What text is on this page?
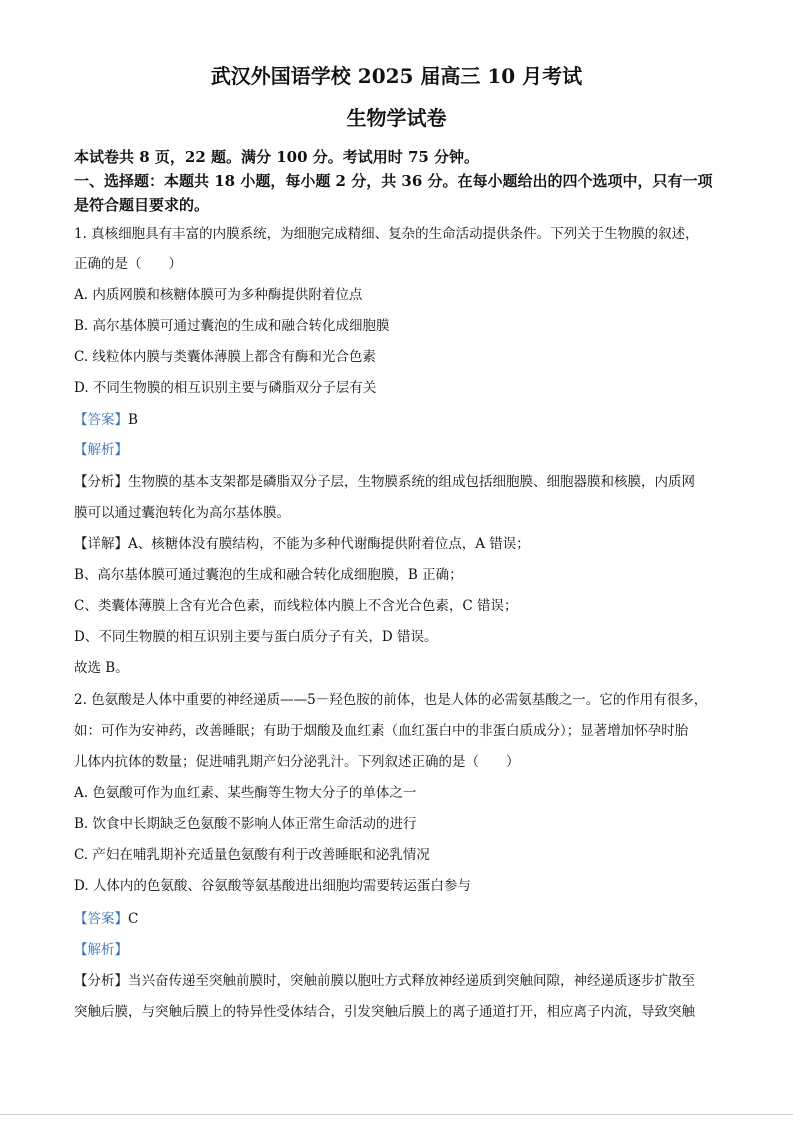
武汉外国语学校 2025 届高三 10 月考试
生物学试卷
本试卷共 8 页，22 题。满分 100 分。考试用时 75 分钟。
一、选择题：本题共 18 小题，每小题 2 分，共 36 分。在每小题给出的四个选项中，只有一项
是符合题目要求的。
1. 真核细胞具有丰富的内膜系统，为细胞完成精细、复杂的生命活动提供条件。下列关于生物膜的叙述，
正确的是（　　）
A. 内质网膜和核糖体膜可为多种酶提供附着位点
B. 高尔基体膜可通过囊泡的生成和融合转化成细胞膜
C. 线粒体内膜与类囊体薄膜上都含有酶和光合色素
D. 不同生物膜的相互识别主要与磷脂双分子层有关
【答案】B
【解析】
【分析】生物膜的基本支架都是磷脂双分子层，生物膜系统的组成包括细胞膜、细胞器膜和核膜，内质网
膜可以通过囊泡转化为高尔基体膜。
【详解】A、核糖体没有膜结构，不能为多种代谢酶提供附着位点，A 错误；
B、高尔基体膜可通过囊泡的生成和融合转化成细胞膜，B 正确；
C、类囊体薄膜上含有光合色素，而线粒体内膜上不含光合色素，C 错误；
D、不同生物膜的相互识别主要与蛋白质分子有关，D 错误。
故选 B。
2. 色氨酸是人体中重要的神经递质——5－羟色胺的前体，也是人体的必需氨基酸之一。它的作用有很多，
如：可作为安神药，改善睡眠；有助于烟酸及血红素（血红蛋白中的非蛋白质成分）；显著增加怀孕时胎
儿体内抗体的数量；促进哺乳期产妇分泌乳汁。下列叙述正确的是（　　）
A. 色氨酸可作为血红素、某些酶等生物大分子的单体之一
B. 饮食中长期缺乏色氨酸不影响人体正常生命活动的进行
C. 产妇在哺乳期补充适量色氨酸有利于改善睡眠和泌乳情况
D. 人体内的色氨酸、谷氨酸等氨基酸进出细胞均需要转运蛋白参与
【答案】C
【解析】
【分析】当兴奋传递至突触前膜时，突触前膜以胞吐方式释放神经递质到突触间隙，神经递质逐步扩散至
突触后膜，与突触后膜上的特异性受体结合，引发突触后膜上的离子通道打开，相应离子内流，导致突触
